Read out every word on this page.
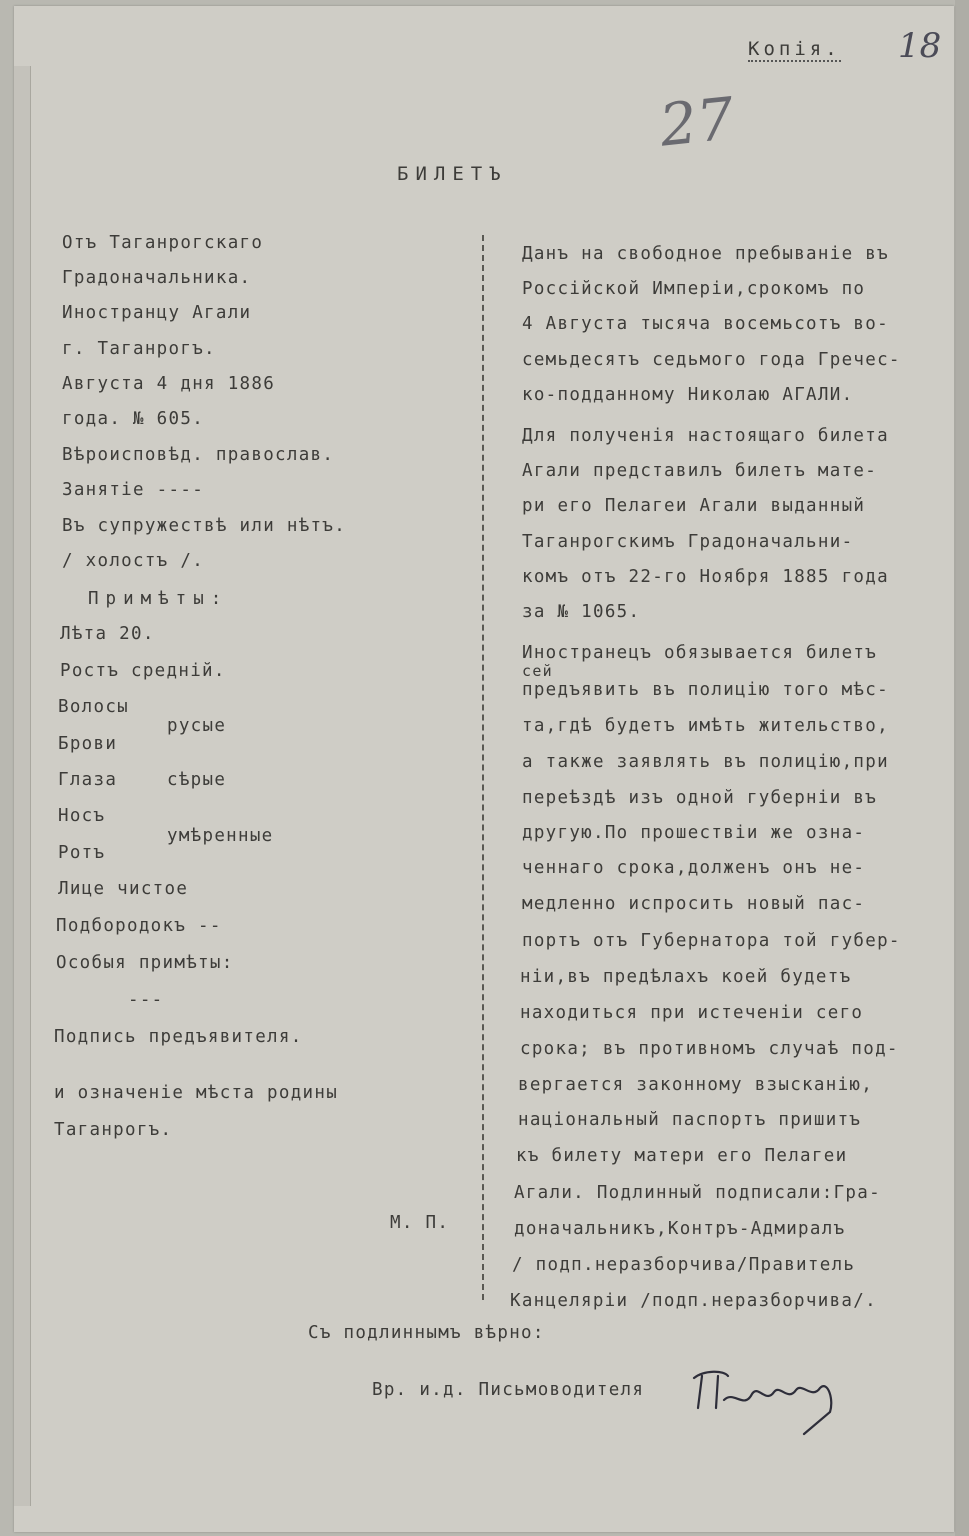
Копія. 18
27
БИЛЕТЪ
Отъ Таганрогскаго
Градоначальника.
Иностранцу Агали
г. Таганрогъ.
Августа 4 дня 1886
года. № 605.
Вѣроисповѣд. православ.
Занятіе ----
Въ супружествѣ или нѣтъ.
/ холостъ /.
Примѣты:
Лѣта 20.
Ростъ средній.
Волосы
Брови
Глаза
Носъ
Ротъ
Лице чистое
Подбородокъ --
Особыя примѣты:
---
Подпись предъявителя.
и означеніе мѣста родины
Таганрогъ.
русые
сѣрые
умѣренные
М. П.
Данъ на свободное пребываніе въ
Россійской Имперіи,срокомъ по
4 Августа тысяча восемьсотъ во-
семьдесятъ седьмого года Гречес-
ко-подданному Николаю АГАЛИ.
Для полученія настоящаго билета
Агали представилъ билетъ мате-
ри его Пелагеи Агали выданный
Таганрогскимъ Градоначальни-
комъ отъ 22-го Ноября 1885 года
за № 1065.
Иностранецъ обязывается билетъ
сей
предъявить въ полицію того мѣс-
та,гдѣ будетъ имѣть жительство,
а также заявлять въ полицію,при
переѣздѣ изъ одной губерніи въ
другую.По прошествіи же озна-
ченнаго срока,долженъ онъ не-
медленно испросить новый пас-
портъ отъ Губернатора той губер-
ніи,въ предѣлахъ коей будетъ
находиться при истеченіи сего
срока; въ противномъ случаѣ под-
вергается законному взысканію,
національный паспортъ пришитъ
къ билету матери его Пелагеи
Агали. Подлинный подписали:Гра-
доначальникъ,Контръ-Адмиралъ
/ подп.неразборчива/Правитель
Канцеляріи /подп.неразборчива/.
Съ подлиннымъ вѣрно:
Вр. и.д. Письмоводителя
